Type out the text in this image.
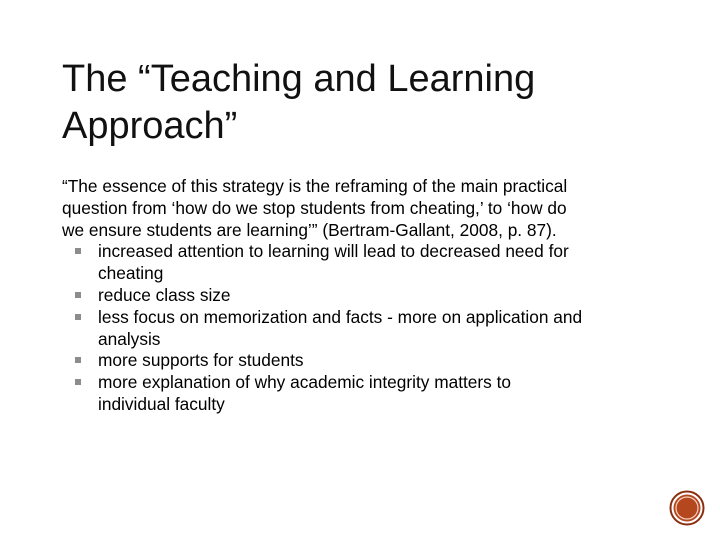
The “Teaching and Learning
Approach”
“The essence of this strategy is the reframing of the main practical
question from ‘how do we stop students from cheating,’ to ‘how do
we ensure students are learning’” (Bertram-Gallant, 2008, p. 87).
increased attention to learning will lead to decreased need for
cheating
reduce class size
less focus on memorization and facts - more on application and
analysis
more supports for students
more explanation of why academic integrity matters to
individual faculty
